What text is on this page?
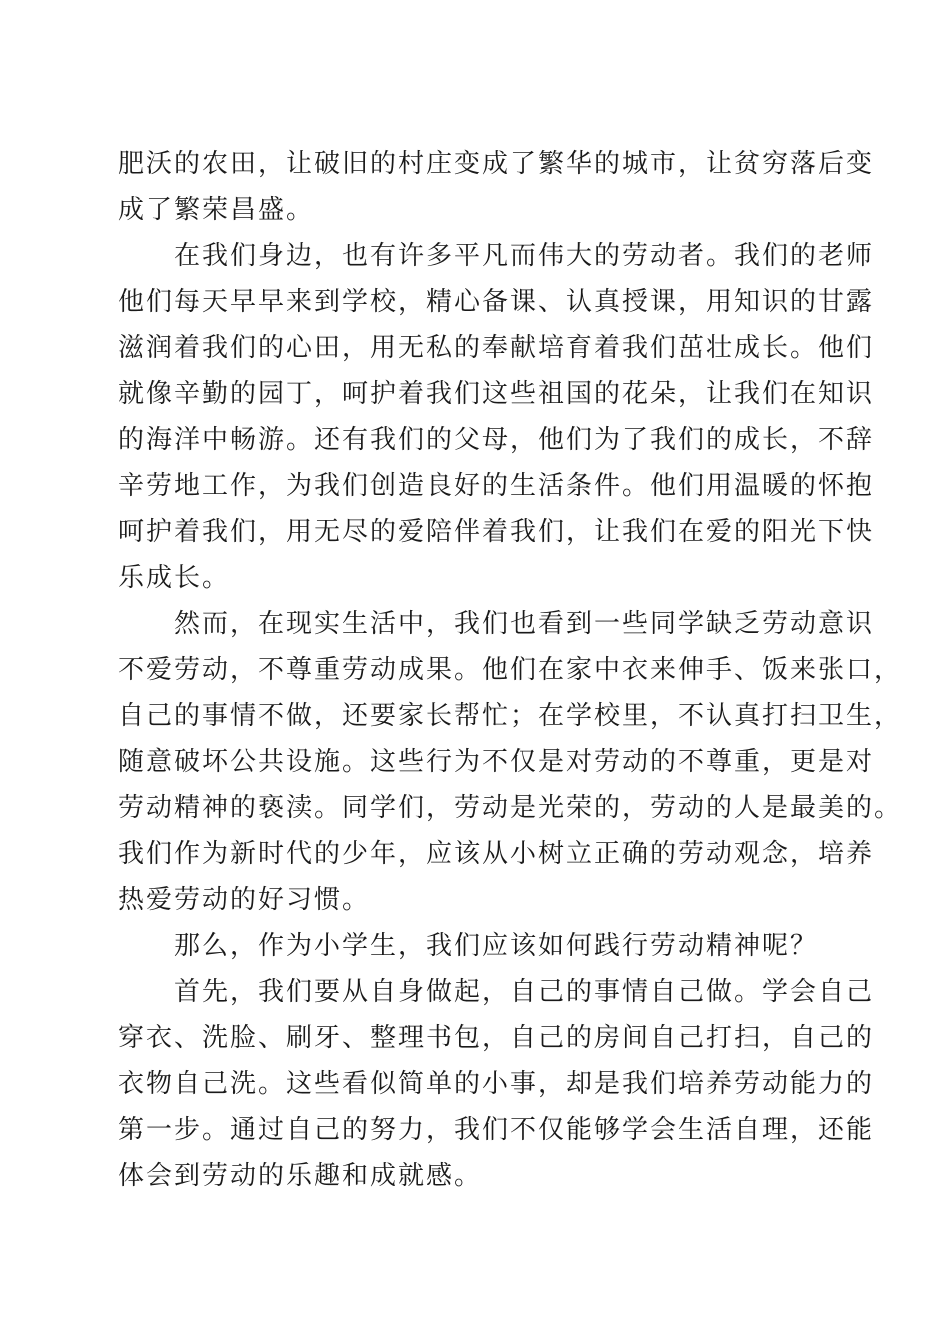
肥沃的农田，让破旧的村庄变成了繁华的城市，让贫穷落后变
成了繁荣昌盛。
在我们身边，也有许多平凡而伟大的劳动者。我们的老师
他们每天早早来到学校，精心备课、认真授课，用知识的甘露
滋润着我们的心田，用无私的奉献培育着我们茁壮成长。他们
就像辛勤的园丁，呵护着我们这些祖国的花朵，让我们在知识
的海洋中畅游。还有我们的父母，他们为了我们的成长，不辞
辛劳地工作，为我们创造良好的生活条件。他们用温暖的怀抱
呵护着我们，用无尽的爱陪伴着我们，让我们在爱的阳光下快
乐成长。
然而，在现实生活中，我们也看到一些同学缺乏劳动意识
不爱劳动，不尊重劳动成果。他们在家中衣来伸手、饭来张口，
自己的事情不做，还要家长帮忙；在学校里，不认真打扫卫生，
随意破坏公共设施。这些行为不仅是对劳动的不尊重，更是对
劳动精神的亵渎。同学们，劳动是光荣的，劳动的人是最美的。
我们作为新时代的少年，应该从小树立正确的劳动观念，培养
热爱劳动的好习惯。
那么，作为小学生，我们应该如何践行劳动精神呢？
首先，我们要从自身做起，自己的事情自己做。学会自己
穿衣、洗脸、刷牙、整理书包，自己的房间自己打扫，自己的
衣物自己洗。这些看似简单的小事，却是我们培养劳动能力的
第一步。通过自己的努力，我们不仅能够学会生活自理，还能
体会到劳动的乐趣和成就感。
